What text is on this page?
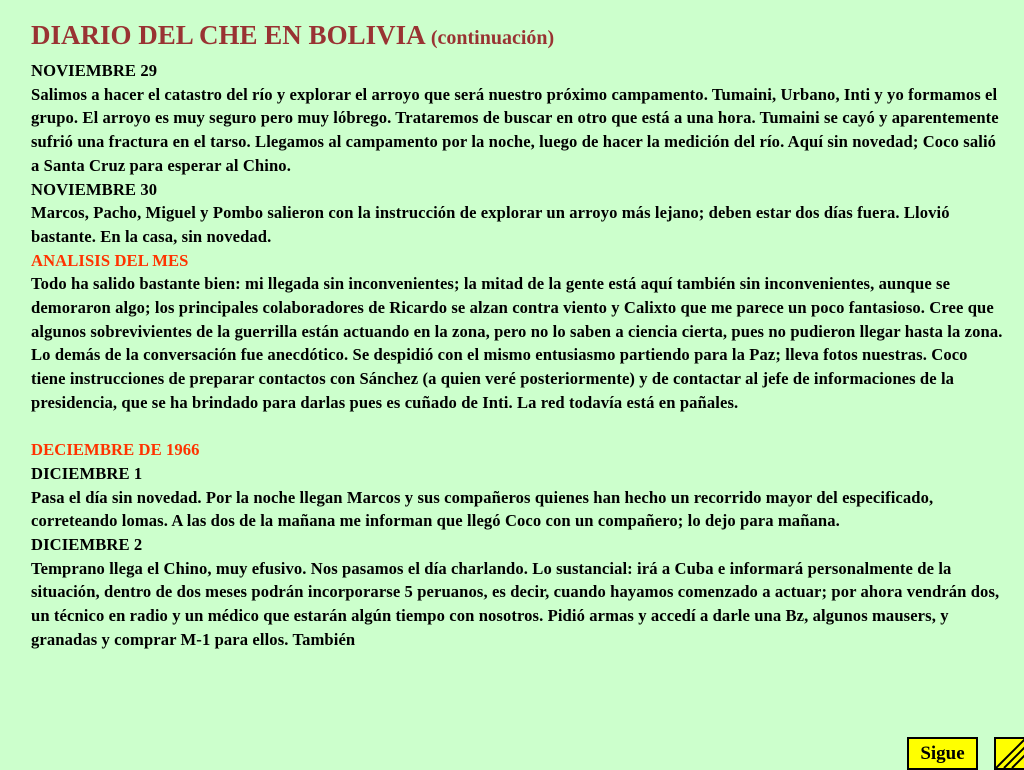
DIARIO DEL CHE EN BOLIVIA (continuación)

NOVIEMBRE 29

Salimos a hacer el catastro del río y explorar el arroyo que será nuestro próximo campamento. Tumaini, Urbano, Inti y yo formamos el grupo. El arroyo es muy seguro pero muy lóbrego. Trataremos de buscar en otro que está a una hora. Tumaini se cayó y aparentemente sufrió una fractura en el tarso. Llegamos al campamento por la noche, luego de hacer la medición del río. Aquí sin novedad; Coco salió a Santa Cruz para esperar al Chino.

NOVIEMBRE 30

Marcos, Pacho, Miguel y Pombo salieron con la instrucción de explorar un arroyo más lejano; deben estar dos días fuera. Llovió bastante. En la casa, sin novedad.

ANALISIS DEL MES

Todo ha salido bastante bien: mi llegada sin inconvenientes; la mitad de la gente está aquí también sin inconvenientes, aunque se demoraron algo; los principales colaboradores de Ricardo se alzan contra viento y Calixto que me parece un poco fantasioso. Cree que algunos sobrevivientes de la guerrilla están actuando en la zona, pero no lo saben a ciencia cierta, pues no pudieron llegar hasta la zona.

Lo demás de la conversación fue anecdótico. Se despidió con el mismo entusiasmo partiendo para la Paz; lleva fotos nuestras. Coco tiene instrucciones de preparar contactos con Sánchez (a quien veré posteriormente) y de contactar al jefe de informaciones de la presidencia, que se ha brindado para darlas pues es cuñado de Inti. La red todavía está en pañales.

DECIEMBRE DE 1966

DICIEMBRE 1

Pasa el día sin novedad. Por la noche llegan Marcos y sus compañeros quienes han hecho un recorrido mayor del especificado, correteando lomas. A las dos de la mañana me informan que llegó Coco con un compañero; lo dejo para mañana.

DICIEMBRE 2

Temprano llega el Chino, muy efusivo. Nos pasamos el día charlando. Lo sustancial: irá a Cuba e informará personalmente de la situación, dentro de dos meses podrán incorporarse 5 peruanos, es decir, cuando hayamos comenzado a actuar; por ahora vendrán dos, un técnico en radio y un médico que estarán algún tiempo con nosotros. Pidió armas y accedí a darle una Bz, algunos mausers, y granadas y comprar M-1 para ellos. También

Sigue
